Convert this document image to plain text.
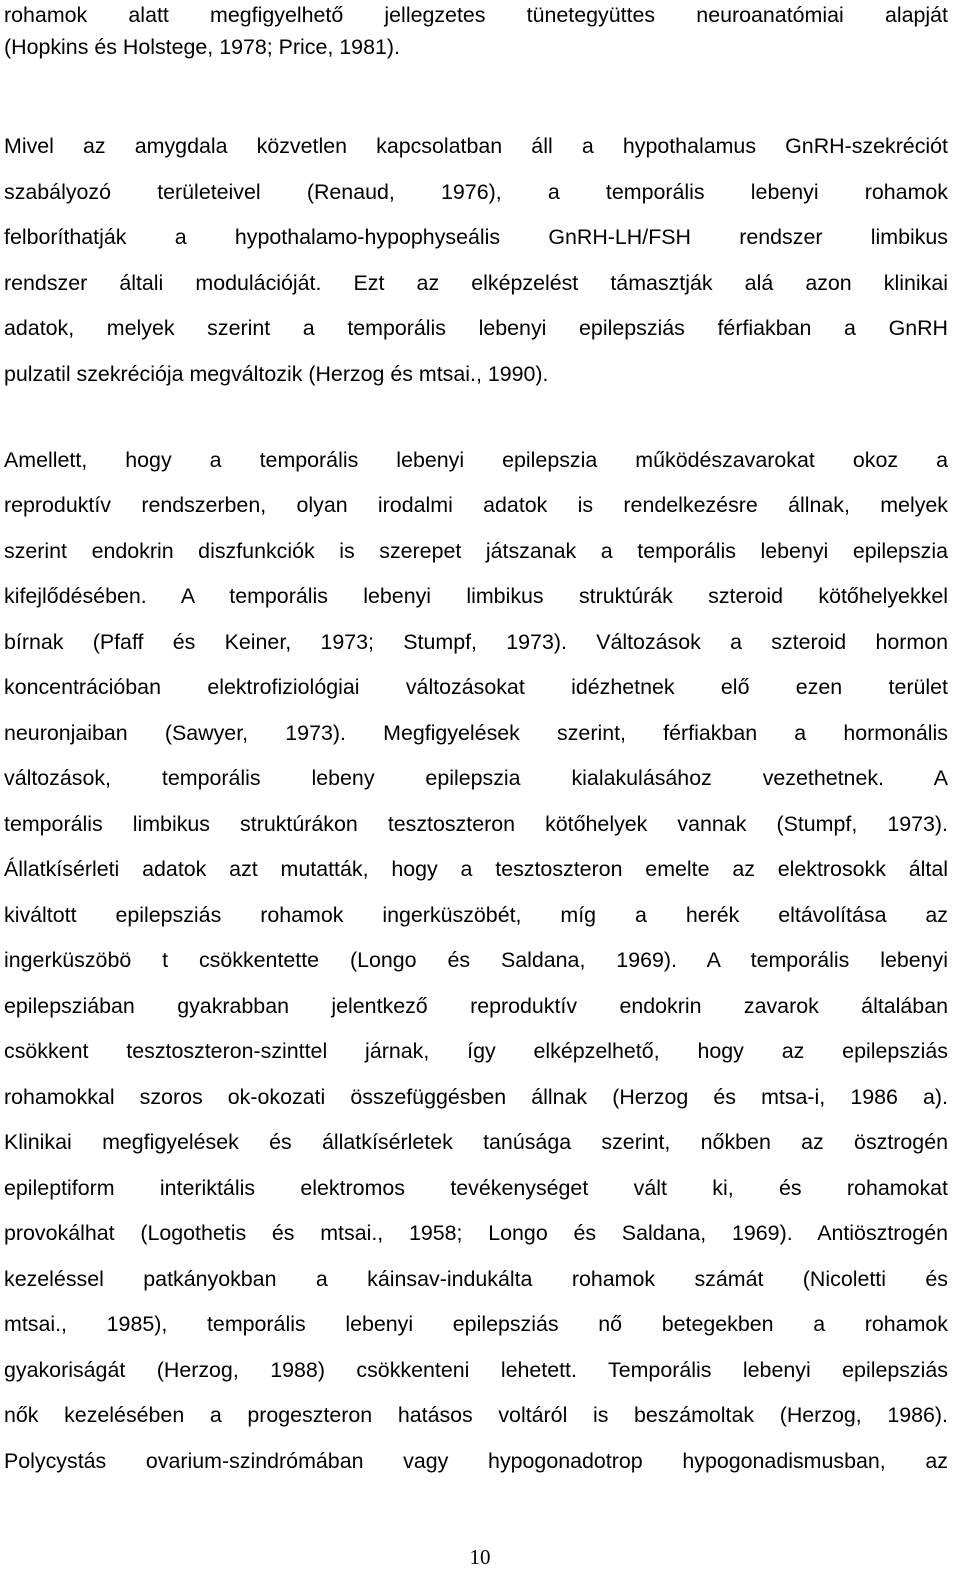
rohamok alatt megfigyelhető jellegzetes tünetegyüttes neuroanatómiai alapját
(Hopkins és Holstege, 1978; Price, 1981).
Mivel az amygdala közvetlen kapcsolatban áll a hypothalamus GnRH-szekréciót
szabályozó területeivel (Renaud, 1976), a temporális lebenyi rohamok
felboríthatják a hypothalamo-hypophyseális GnRH-LH/FSH rendszer limbikus
rendszer általi modulációját. Ezt az elképzelést támasztják alá azon klinikai
adatok, melyek szerint a temporális lebenyi epilepsziás férfiakban a GnRH
pulzatil szekréciója megváltozik (Herzog és mtsai., 1990).
Amellett, hogy a temporális lebenyi epilepszia működészavarokat okoz a
reproduktív rendszerben, olyan irodalmi adatok is rendelkezésre állnak, melyek
szerint endokrin diszfunkciók is szerepet játszanak a temporális lebenyi epilepszia
kifejlődésében. A temporális lebenyi limbikus struktúrák szteroid kötőhelyekkel
bírnak (Pfaff és Keiner, 1973; Stumpf, 1973). Változások a szteroid hormon
koncentrációban elektrofiziológiai változásokat idézhetnek elő ezen terület
neuronjaiban (Sawyer, 1973). Megfigyelések szerint, férfiakban a hormonális
változások, temporális lebeny epilepszia kialakulásához vezethetnek. A
temporális limbikus struktúrákon tesztoszteron kötőhelyek vannak (Stumpf, 1973).
Állatkísérleti adatok azt mutatták, hogy a tesztoszteron emelte az elektrosokk által
kiváltott epilepsziás rohamok ingerküszöbét, míg a herék eltávolítása az
ingerküszöbö t csökkentette (Longo és Saldana, 1969). A temporális lebenyi
epilepsziában gyakrabban jelentkező reproduktív endokrin zavarok általában
csökkent tesztoszteron-szinttel járnak, így elképzelhető, hogy az epilepsziás
rohamokkal szoros ok-okozati összefüggésben állnak (Herzog és mtsa-i, 1986 a).
Klinikai megfigyelések és állatkísérletek tanúsága szerint, nőkben az ösztrogén
epileptiform interiktális elektromos tevékenységet vált ki, és rohamokat
provokálhat (Logothetis és mtsai., 1958; Longo és Saldana, 1969). Antiösztrogén
kezeléssel patkányokban a káinsav-indukálta rohamok számát (Nicoletti és
mtsai., 1985), temporális lebenyi epilepsziás nő betegekben a rohamok
gyakoriságát (Herzog, 1988) csökkenteni lehetett. Temporális lebenyi epilepsziás
nők kezelésében a progeszteron hatásos voltáról is beszámoltak (Herzog, 1986).
Polycystás ovarium-szindrómában vagy hypogonadotrop hypogonadismusban, az
10
